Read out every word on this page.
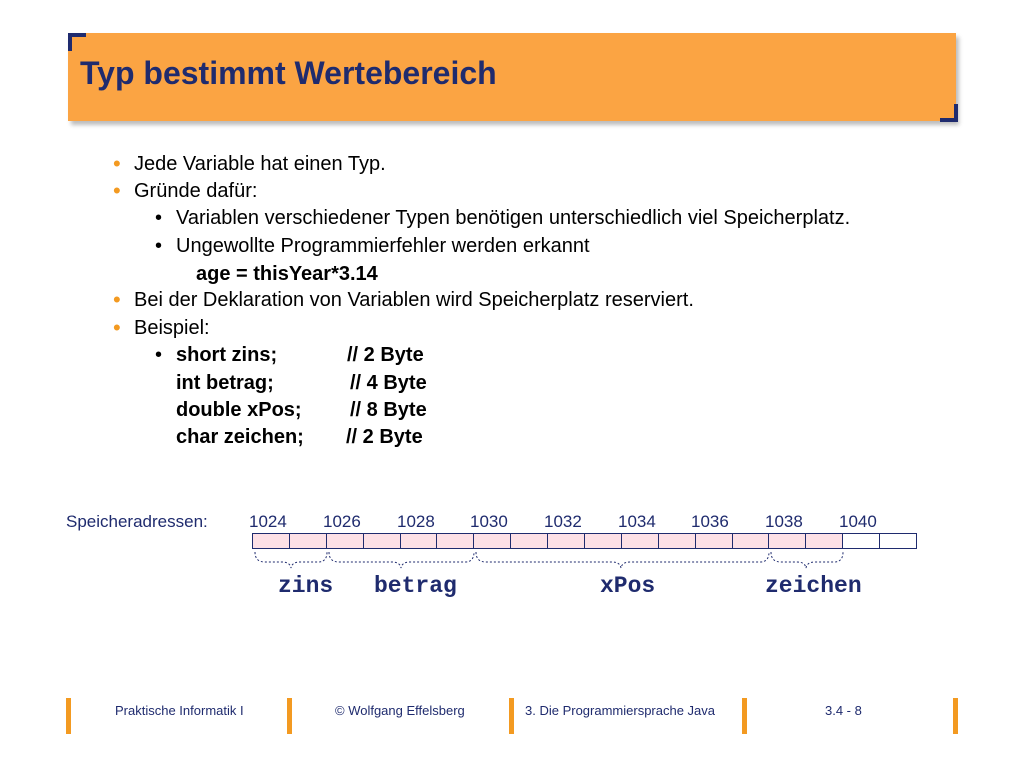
Typ bestimmt Wertebereich
• Jede Variable hat einen Typ.
• Gründe dafür:
• Variablen verschiedener Typen benötigen unterschiedlich viel Speicherplatz.
• Ungewollte Programmierfehler werden erkannt
age = thisYear*3.14
• Bei der Deklaration von Variablen wird Speicherplatz reserviert.
• Beispiel:
• short zins;	// 2 Byte
int betrag;	// 4 Byte
double xPos; // 8 Byte
char zeichen; // 2 Byte
Speicheradressen: 1024 1026 1028 1030 1032 1034 1036 1038 1040
zins betrag	xPos	zeichen
Praktische Informatik I	© Wolfgang Effelsberg	3. Die Programmiersprache Java	3.4 - 8
